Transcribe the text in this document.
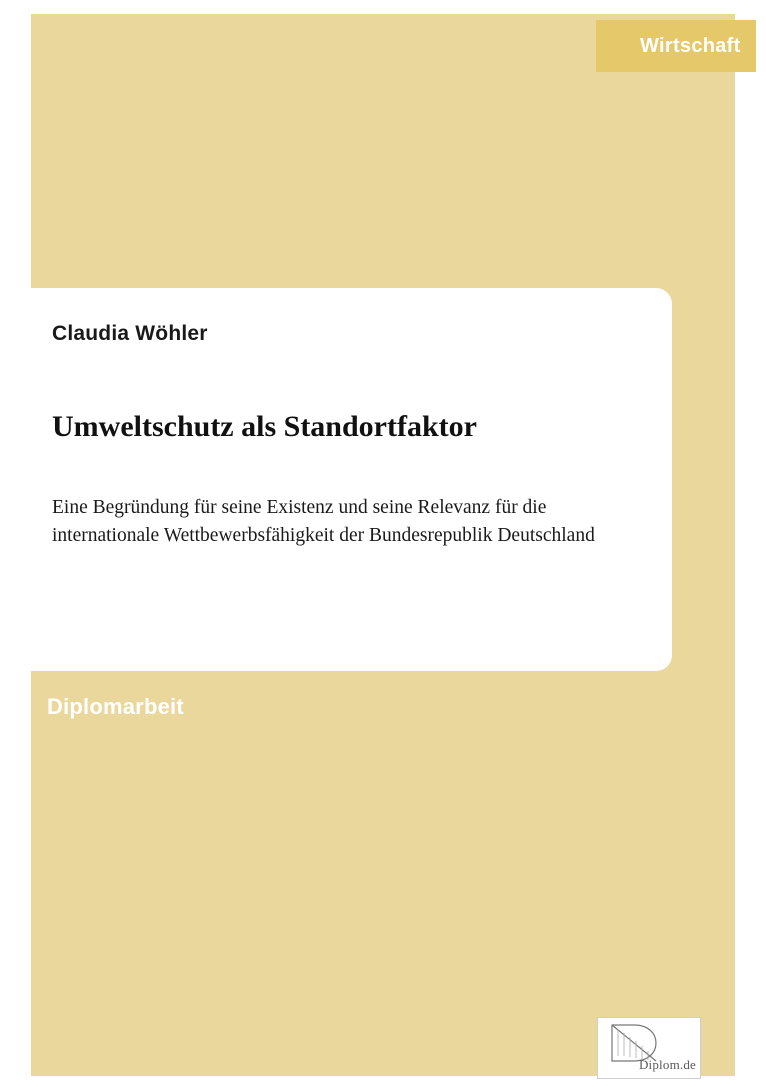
Wirtschaft
Claudia Wöhler
Umweltschutz als Standortfaktor
Eine Begründung für seine Existenz und seine Relevanz für die internationale Wettbewerbsfähigkeit der Bundesrepublik Deutschland
Diplomarbeit
Diplom.de
